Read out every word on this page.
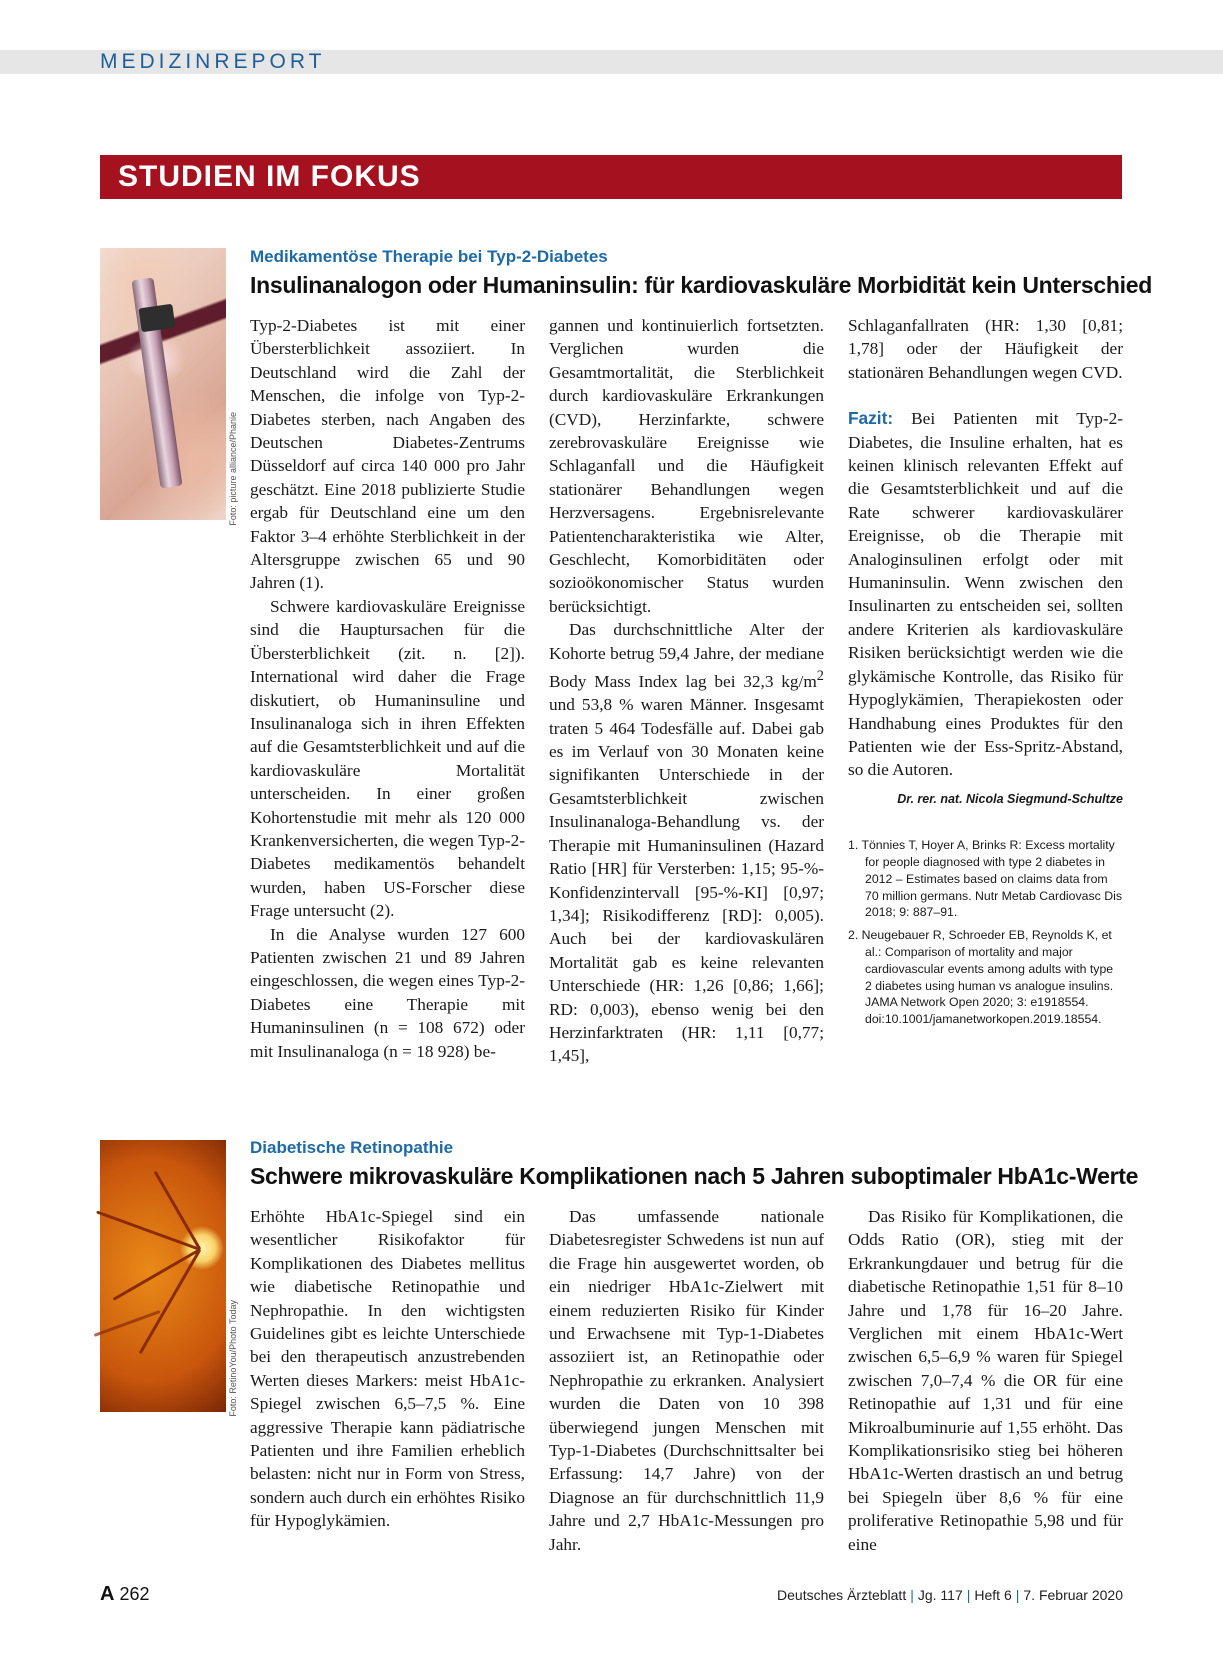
MEDIZINREPORT
STUDIEN IM FOKUS
Foto: picture alliance/Phanie
Medikamentöse Therapie bei Typ-2-Diabetes
Insulinanalogon oder Humaninsulin: für kardiovaskuläre Morbidität kein Unterschied

Typ-2-Diabetes ist mit einer Übersterblichkeit assoziiert. In Deutschland wird die Zahl der Menschen, die infolge von Typ-2-Diabetes sterben, nach Angaben des Deutschen Diabetes-Zentrums Düsseldorf auf circa 140 000 pro Jahr geschätzt. Eine 2018 publizierte Studie ergab für Deutschland eine um den Faktor 3–4 erhöhte Sterblichkeit in der Altersgruppe zwischen 65 und 90 Jahren (1).

Schwere kardiovaskuläre Ereignisse sind die Hauptursachen für die Übersterblichkeit (zit. n. [2]). International wird daher die Frage diskutiert, ob Humaninsuline und Insulinanaloga sich in ihren Effekten auf die Gesamtsterblichkeit und auf die kardiovaskuläre Mortalität unterscheiden. In einer großen Kohortenstudie mit mehr als 120 000 Krankenversicherten, die wegen Typ-2-Diabetes medikamentös behandelt wurden, haben US-Forscher diese Frage untersucht (2).

In die Analyse wurden 127 600 Patienten zwischen 21 und 89 Jahren eingeschlossen, die wegen eines Typ-2-Diabetes eine Therapie mit Humaninsulinen (n = 108 672) oder mit Insulinanaloga (n = 18 928) be-

gannen und kontinuierlich fortsetzten. Verglichen wurden die Gesamtmortalität, die Sterblichkeit durch kardiovaskuläre Erkrankungen (CVD), Herzinfarkte, schwere zerebrovaskuläre Ereignisse wie Schlaganfall und die Häufigkeit stationärer Behandlungen wegen Herzversagens. Ergebnisrelevante Patientencharakteristika wie Alter, Geschlecht, Komorbiditäten oder sozioökonomischer Status wurden berücksichtigt.

Das durchschnittliche Alter der Kohorte betrug 59,4 Jahre, der mediane Body Mass Index lag bei 32,3 $kg/m^2$ und 53,8 % waren Männer. Insgesamt traten 5 464 Todesfälle auf. Dabei gab es im Verlauf von 30 Monaten keine signifikanten Unterschiede in der Gesamtsterblichkeit zwischen Insulinanaloga-Behandlung vs. der Therapie mit Humaninsulinen (Hazard Ratio [HR] für Versterben: 1,15; 95-%-Konfidenzintervall [95-%-KI] [0,97; 1,34]; Risikodifferenz [RD]: 0,005). Auch bei der kardiovaskulären Mortalität gab es keine relevanten Unterschiede (HR: 1,26 [0,86; 1,66]; RD: 0,003), ebenso wenig bei den Herzinfarktraten (HR: 1,11 [0,77; 1,45],

Schlaganfallraten (HR: 1,30 [0,81; 1,78] oder der Häufigkeit der stationären Behandlungen wegen CVD.

Fazit: Bei Patienten mit Typ-2-Diabetes, die Insuline erhalten, hat es keinen klinisch relevanten Effekt auf die Gesamtsterblichkeit und auf die Rate schwerer kardiovaskulärer Ereignisse, ob die Therapie mit Analoginsulinen erfolgt oder mit Humaninsulin. Wenn zwischen den Insulinarten zu entscheiden sei, sollten andere Kriterien als kardiovaskuläre Risiken berücksichtigt werden wie die glykämische Kontrolle, das Risiko für Hypoglykämien, Therapiekosten oder Handhabung eines Produktes für den Patienten wie der Ess-Spritz-Abstand, so die Autoren.

Dr. rer. nat. Nicola Siegmund-Schultze
1. Tönnies T, Hoyer A, Brinks R: Excess mortality for people diagnosed with type 2 diabetes in 2012 – Estimates based on claims data from 70 million germans. Nutr Metab Cardiovasc Dis 2018; 9: 887–91.
2. Neugebauer R, Schroeder EB, Reynolds K, et al.: Comparison of mortality and major cardiovascular events among adults with type 2 diabetes using human vs analogue insulins. JAMA Network Open 2020; 3: e1918554. doi:10.1001/jamanetworkopen.2019.18554.
Foto: RetinoYou/Photo Today
Diabetische Retinopathie
Schwere mikrovaskuläre Komplikationen nach 5 Jahren suboptimaler HbA1c-Werte

Erhöhte HbA1c-Spiegel sind ein wesentlicher Risikofaktor für Komplikationen des Diabetes mellitus wie diabetische Retinopathie und Nephropathie. In den wichtigsten Guidelines gibt es leichte Unterschiede bei den therapeutisch anzustrebenden Werten dieses Markers: meist HbA1c-Spiegel zwischen 6,5–7,5 %. Eine aggressive Therapie kann pädiatrische Patienten und ihre Familien erheblich belasten: nicht nur in Form von Stress, sondern auch durch ein erhöhtes Risiko für Hypoglykämien.

Das umfassende nationale Diabetesregister Schwedens ist nun auf die Frage hin ausgewertet worden, ob ein niedriger HbA1c-Zielwert mit einem reduzierten Risiko für Kinder und Erwachsene mit Typ-1-Diabetes assoziiert ist, an Retinopathie oder Nephropathie zu erkranken. Analysiert wurden die Daten von 10 398 überwiegend jungen Menschen mit Typ-1-Diabetes (Durchschnittsalter bei Erfassung: 14,7 Jahre) von der Diagnose an für durchschnittlich 11,9 Jahre und 2,7 HbA1c-Messungen pro Jahr.

Das Risiko für Komplikationen, die Odds Ratio (OR), stieg mit der Erkrankungdauer und betrug für die diabetische Retinopathie 1,51 für 8–10 Jahre und 1,78 für 16–20 Jahre. Verglichen mit einem HbA1c-Wert zwischen 6,5–6,9 % waren für Spiegel zwischen 7,0–7,4 % die OR für eine Retinopathie auf 1,31 und für eine Mikroalbuminurie auf 1,55 erhöht. Das Komplikationsrisiko stieg bei höheren HbA1c-Werten drastisch an und betrug bei Spiegeln über 8,6 % für eine proliferative Retinopathie 5,98 und für eine

A 262	Deutsches Ärzteblatt | Jg. 117 | Heft 6 | 7. Februar 2020
